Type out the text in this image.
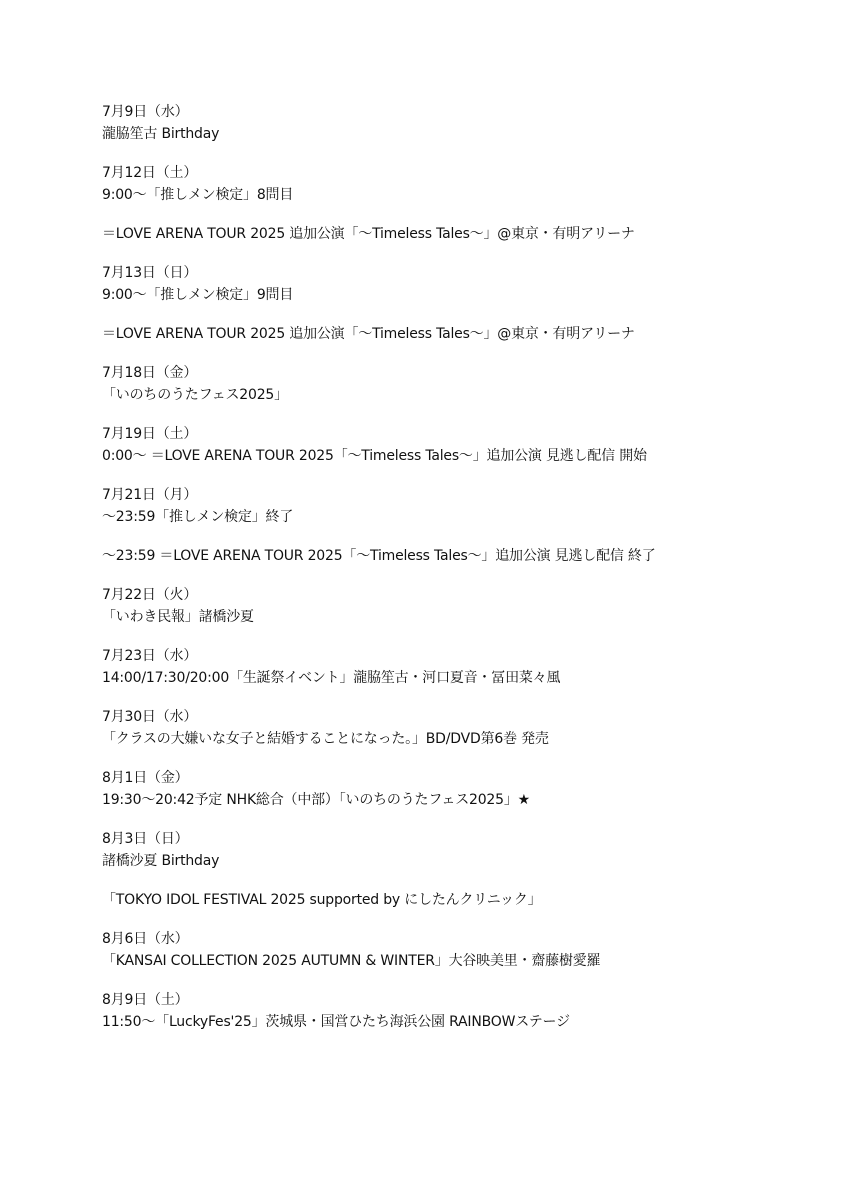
7月9日（水）
瀧脇笙古 Birthday
7月12日（土）
9:00～「推しメン検定」8問目
＝LOVE ARENA TOUR 2025 追加公演「～Timeless Tales～」@東京・有明アリーナ
7月13日（日）
9:00～「推しメン検定」9問目
＝LOVE ARENA TOUR 2025 追加公演「～Timeless Tales～」@東京・有明アリーナ
7月18日（金）
「いのちのうたフェス2025」
7月19日（土）
0:00～ ＝LOVE ARENA TOUR 2025「～Timeless Tales～」追加公演 見逃し配信 開始
7月21日（月）
～23:59「推しメン検定」終了
～23:59 ＝LOVE ARENA TOUR 2025「～Timeless Tales～」追加公演 見逃し配信 終了
7月22日（火）
「いわき民報」諸橋沙夏
7月23日（水）
14:00/17:30/20:00「生誕祭イベント」瀧脇笙古・河口夏音・冨田菜々風
7月30日（水）
「クラスの大嫌いな女子と結婚することになった。」BD/DVD第6巻 発売
8月1日（金）
19:30～20:42予定 NHK総合（中部）「いのちのうたフェス2025」★
8月3日（日）
諸橋沙夏 Birthday
「TOKYO IDOL FESTIVAL 2025 supported by にしたんクリニック」
8月6日（水）
「KANSAI COLLECTION 2025 AUTUMN & WINTER」大谷映美里・齋藤樹愛羅
8月9日（土）
11:50～「LuckyFes'25」茨城県・国営ひたち海浜公園 RAINBOWステージ
